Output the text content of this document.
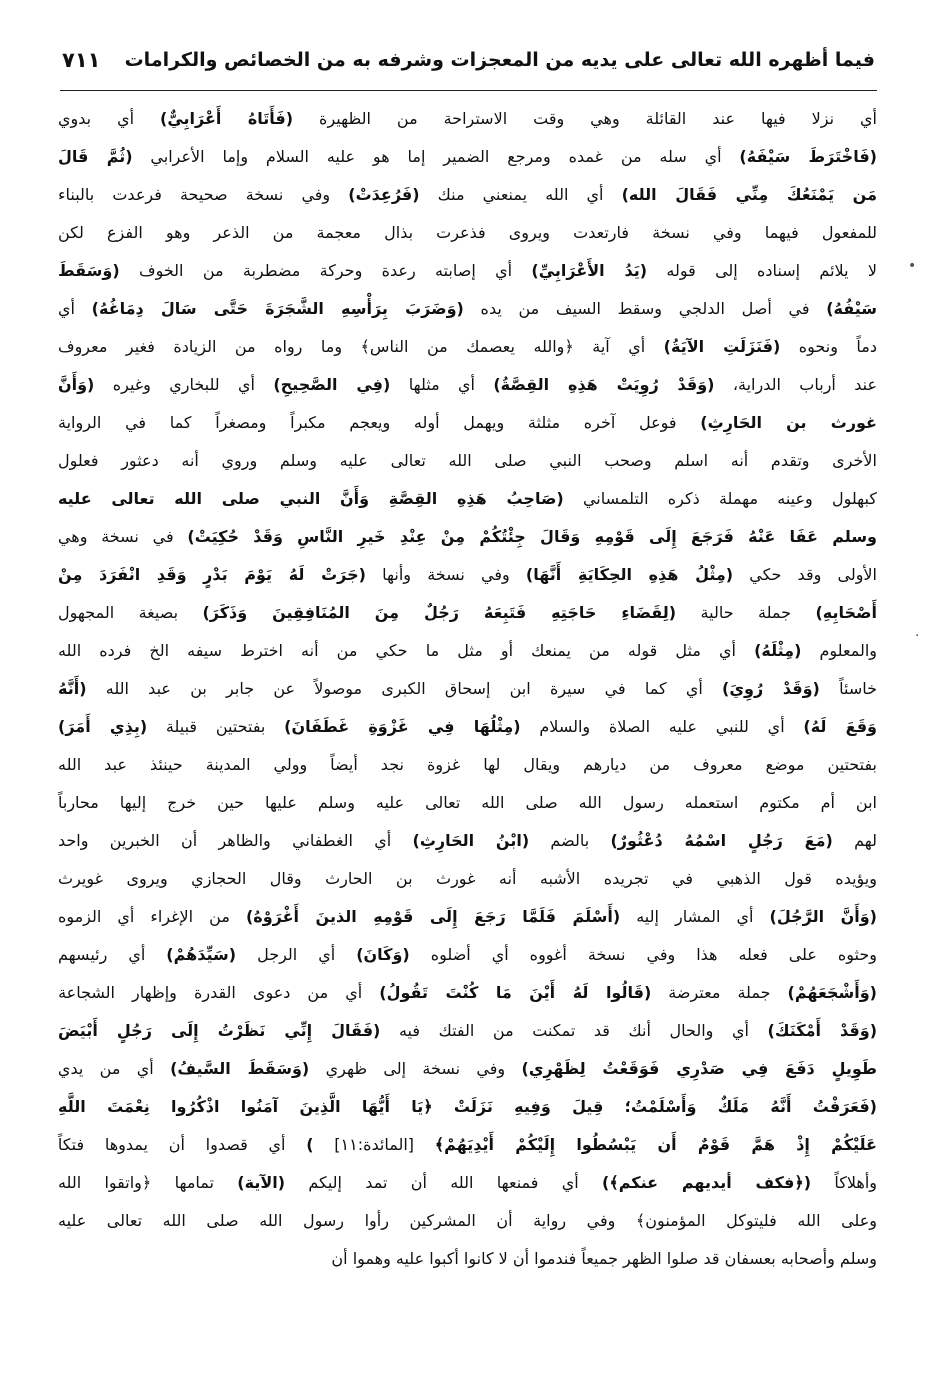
فيما أظهره الله تعالى على يديه من المعجزات وشرفه به من الخصائص والكرامات
٧١١
أي نزلا فيها عند القائلة وهي وقت الاستراحة من الظهيرة
(فَأَتَاهُ أَعْرَابِيٌّ)
أي بدوي
(فَاخْتَرَطَ سَيْفَهُ)
أي سله من غمده ومرجع الضمير إما هو عليه السلام وإما الأعرابي
(ثُمَّ قَالَ
مَن يَمْنَعُكَ مِنِّي فَقَالَ الله)
أي الله يمنعني منك
(فَرُعِدَتْ)
وفي نسخة صحيحة فرعدت بالبناء
للمفعول فيهما وفي نسخة فارتعدت ويروى فذعرت بذال معجمة من الذعر وهو الفزع لكن
لا يلائم إسناده إلى قوله
(يَدُ الأَعْرَابِيِّ)
أي إصابته رعدة وحركة مضطربة من الخوف
(وَسَقَطَ
سَيْفُهُ)
في أصل الدلجي وسقط السيف من يده
(وَضَرَبَ بِرَأْسِهِ الشَّجَرَةَ حَتَّى سَالَ دِمَاغُهُ)
أي
دماً ونحوه
(فَنَزَلَتِ الآيَةُ)
أي آية ﴿والله يعصمك من الناس﴾ وما رواه من الزيادة فغير معروف
عند أرباب الدراية،
(وَقَدْ رُوِيَتْ هَذِهِ القِصَّةُ)
أي مثلها
(فِي الصَّحِيحِ)
أي للبخاري وغيره
(وَأَنَّ
غورث بن الحَارِثِ)
فوعل آخره مثلثة ويهمل أوله ويعجم مكبراً ومصغراً كما في الرواية
الأخرى وتقدم أنه اسلم وصحب النبي صلى الله تعالى عليه وسلم وروي أنه دعثور فعلول
كبهلول وعينه مهملة ذكره التلمساني
(صَاحِبُ هَذِهِ القِصَّةِ وَأَنَّ النبي صلى الله تعالى عليه
وسلم عَفَا عَنْهُ فَرَجَعَ إِلَى قَوْمِهِ وَقَالَ جِئْتُكُمْ مِنْ عِنْدِ خَيرِ النَّاسِ وَقَدْ حُكِيَتْ)
في نسخة وهي
الأولى وقد حكي
(مِثْلُ هَذِهِ الحِكَايَةِ أَنَّهَا)
وفي نسخة وأنها
(جَرَتْ لَهُ يَوْمَ بَدْرٍ وَقَدِ انْفَرَدَ مِنْ
أَصْحَابِهِ)
جملة حالية
(لِقَضَاءِ حَاجَتِهِ فَتَبِعَهُ رَجُلٌ مِنَ المُنَافِقِينَ وَذَكَرَ)
بصيغة المجهول
والمعلوم
(مِثْلَهُ)
أي مثل قوله من يمنعك أو مثل ما حكي من أنه اخترط سيفه الخ فرده الله
خاسئاً
(وَقَدْ رُوِيَ)
أي كما في سيرة ابن إسحاق الكبرى موصولاً عن جابر بن عبد الله
(أَنَّهُ
وَقَعَ لَهُ)
أي للنبي عليه الصلاة والسلام
(مِثْلُهَا فِي غَزْوَةِ غَطَفَانَ)
بفتحتين قبيلة
(بِذِي أَمَرَ)
بفتحتين موضع معروف من ديارهم ويقال لها غزوة نجد أيضاً وولي المدينة حينئذ عبد الله
ابن أم مكتوم استعمله رسول الله صلى الله تعالى عليه وسلم عليها حين خرج إليها محارباً
لهم
(مَعَ رَجُلٍ اسْمُهُ دُعْثُورٌ)
بالضم
(ابْنُ الحَارِثِ)
أي الغطفاني والظاهر أن الخبرين واحد
ويؤيده قول الذهبي في تجريده الأشبه أنه غورث بن الحارث وقال الحجازي ويروى غويرث
(وَأَنَّ الرَّجُلَ)
أي المشار إليه
(أَسْلَمَ فَلَمَّا رَجَعَ إِلَى قَوْمِهِ الذينَ أَغْرَوْهُ)
من الإغراء أي الزموه
وحثوه على فعله هذا وفي نسخة أغووه أي أضلوه
(وَكَانَ)
أي الرجل
(سَيِّدَهُمْ)
أي رئيسهم
(وَأَشْجَعَهُمْ)
جملة معترضة
(قَالُوا لَهُ أَيْنَ مَا كُنْتَ تَقُولُ)
أي من دعوى القدرة وإظهار الشجاعة
(وَقَدْ أَمْكَنَكَ)
أي والحال أنك قد تمكنت من الفتك فيه
(فَقَالَ إِنِّي نَظَرْتُ إِلَى رَجُلٍ أَبْيَضَ
طَوِيلٍ دَفَعَ فِي صَدْرِي فَوَقَعْتُ لِظَهْرِي)
وفي نسخة إلى ظهري
(وَسَقَطَ السَّيفُ)
أي من يدي
(فَعَرَفْتُ أَنَّهُ مَلَكٌ وَأَسْلَمْتُ؛ قِيلَ وَفِيهِ نَزَلَتْ ﴿يَا أَيُّهَا الَّذِينَ آمَنُوا اذْكُرُوا نِعْمَتَ اللَّهِ
عَلَيْكُمْ إِذْ هَمَّ قَوْمٌ أَن يَبْسُطُوا إِلَيْكُمْ أَيْدِيَهُمْ﴾
[المائدة:١١]
)
أي قصدوا أن يمدوها فتكاً
وأهلاكاً
(﴿فكف أيديهم عنكم﴾)
أي فمنعها الله أن تمد إليكم
(الآية)
تمامها ﴿واتقوا الله
وعلى الله فليتوكل المؤمنون﴾ وفي رواية أن المشركين رأوا رسول الله صلى الله تعالى عليه
وسلم وأصحابه بعسفان قد صلوا الظهر جميعاً فندموا أن لا كانوا أكبوا عليه وهموا أن
•
·
